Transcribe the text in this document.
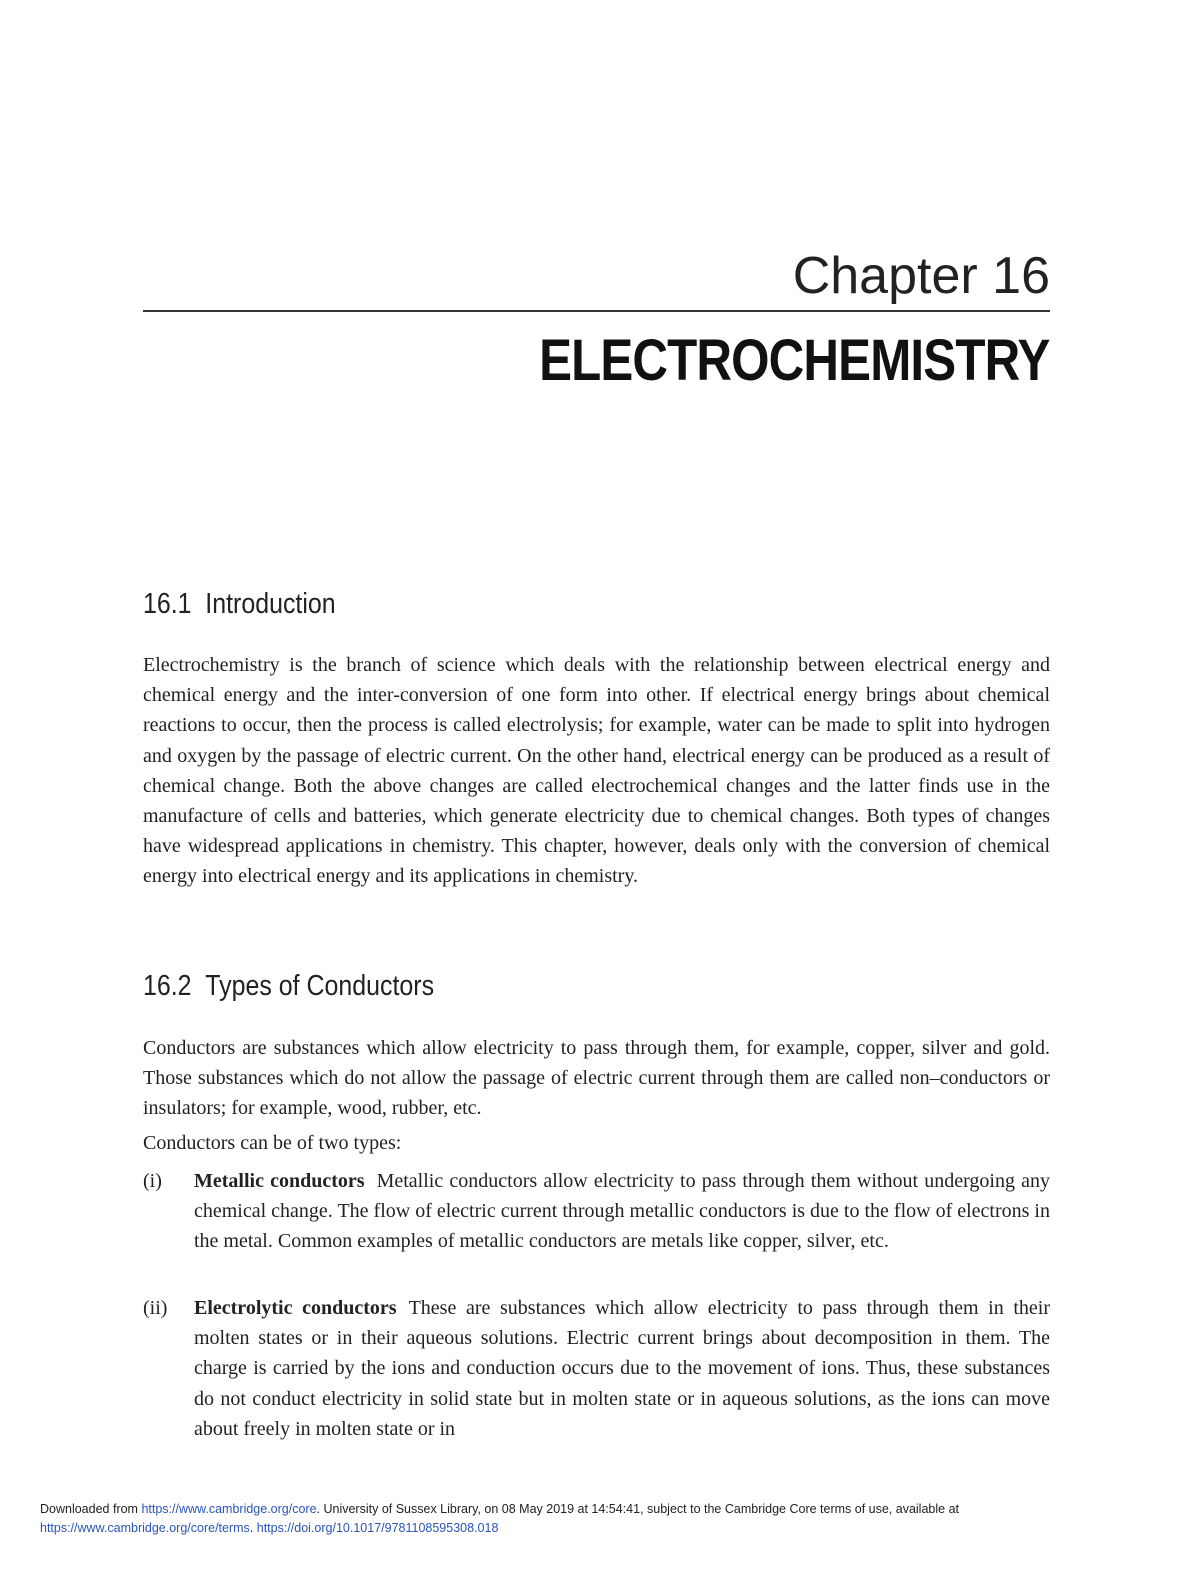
Chapter 16
ELECTROCHEMISTRY
16.1 Introduction
Electrochemistry is the branch of science which deals with the relationship between electrical energy and chemical energy and the inter-conversion of one form into other. If electrical energy brings about chemical reactions to occur, then the process is called electrolysis; for example, water can be made to split into hydrogen and oxygen by the passage of electric current. On the other hand, electrical energy can be produced as a result of chemical change. Both the above changes are called electrochemical changes and the latter finds use in the manufacture of cells and batteries, which generate electricity due to chemical changes. Both types of changes have widespread applications in chemistry. This chapter, however, deals only with the conversion of chemical energy into electrical energy and its applications in chemistry.
16.2 Types of Conductors
Conductors are substances which allow electricity to pass through them, for example, copper, silver and gold. Those substances which do not allow the passage of electric current through them are called non–conductors or insulators; for example, wood, rubber, etc.
Conductors can be of two types:
(i)	Metallic conductors Metallic conductors allow electricity to pass through them without undergoing any chemical change. The flow of electric current through metallic conductors is due to the flow of electrons in the metal. Common examples of metallic conductors are metals like copper, silver, etc.
(ii)	Electrolytic conductors These are substances which allow electricity to pass through them in their molten states or in their aqueous solutions. Electric current brings about decomposition in them. The charge is carried by the ions and conduction occurs due to the movement of ions. Thus, these substances do not conduct electricity in solid state but in molten state or in aqueous solutions, as the ions can move about freely in molten state or in
Downloaded from https://www.cambridge.org/core. University of Sussex Library, on 08 May 2019 at 14:54:41, subject to the Cambridge Core terms of use, available at
https://www.cambridge.org/core/terms. https://doi.org/10.1017/9781108595308.018
